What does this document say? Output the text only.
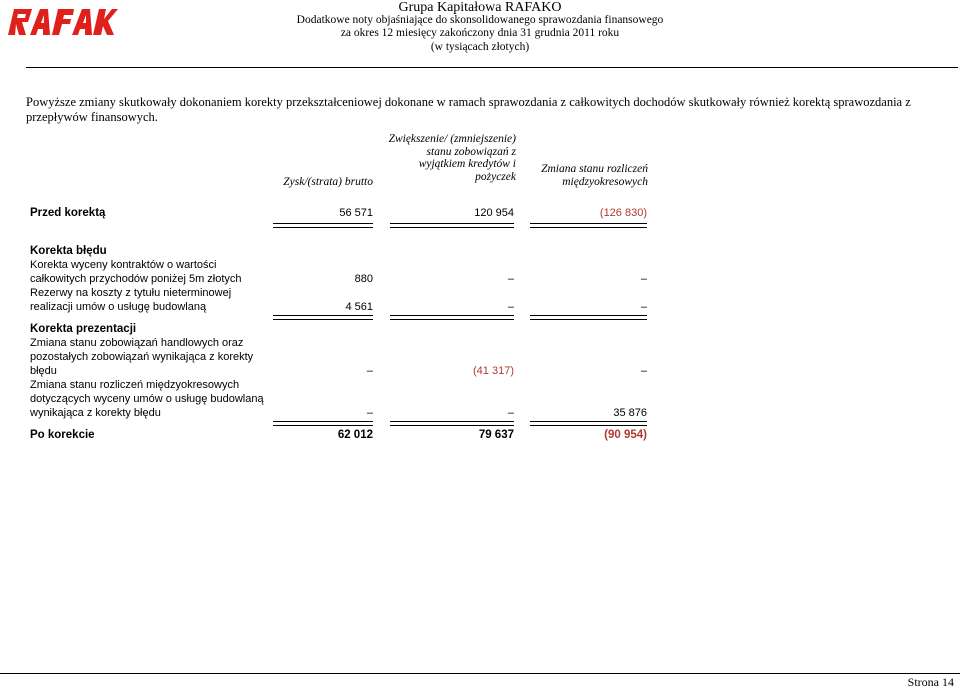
Grupa Kapitałowa RAFAKO
Dodatkowe noty objaśniające do skonsolidowanego sprawozdania finansowego
za okres 12 miesięcy zakończony dnia 31 grudnia 2011 roku
(w tysiącach złotych)
Powyższe zmiany skutkowały dokonaniem korekty przekształceniowej dokonane w ramach sprawozdania z całkowitych dochodów skutkowały również korektą sprawozdania z przepływów finansowych.
Zysk/(strata) brutto
Zwiększenie/ (zmniejszenie) stanu zobowiązań z wyjątkiem kredytów i pożyczek
Zmiana stanu rozliczeń międzyokresowych
Przed korektą	56 571	120 954	(126 830)
Korekta błędu
Korekta wyceny kontraktów o wartości
całkowitych przychodów poniżej 5m złotych	880	–	–
Rezerwy na koszty z tytułu nieterminowej
realizacji umów o usługę budowlaną	4 561	–	–
Korekta prezentacji
Zmiana stanu zobowiązań handlowych oraz
pozostałych zobowiązań wynikająca z korekty
błędu	–	(41 317)	–
Zmiana stanu rozliczeń międzyokresowych
dotyczących wyceny umów o usługę budowlaną
wynikająca z korekty błędu	–	–	35 876
Po korekcie	62 012	79 637	(90 954)
Strona 14
